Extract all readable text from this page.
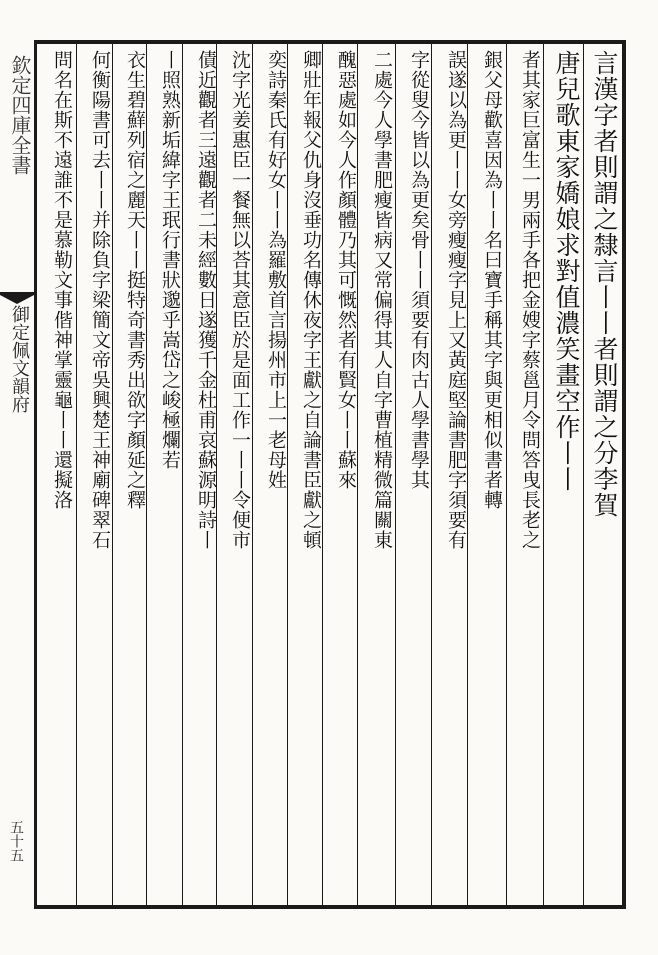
欽定四庫全書
御定佩文韻府
五十五
言漢字者則謂之隸言丨丨者則謂之分李賀
唐兒歌東家嬌娘求對值濃笑畫空作丨丨
者其家巨富生一男兩手各把金嫂字蔡邕月令問答曳長老之
銀父母歡喜因為丨丨名曰寶手稱其字與更相似書者轉
誤遂以為更丨丨女旁瘦瘦字見上又黃庭堅論書肥字須要有
字從叟今皆以為更矣骨丨丨須要有肉古人學書學其
二處今人學書肥瘦皆病又常偏得其人自字曹植精微篇關東
醜惡處如今人作顏體乃其可慨然者有賢女丨丨蘇來
卿壯年報父仇身沒垂功名傳休夜字王獻之自論書臣獻之頓
奕詩秦氏有好女丨丨為羅敷首言揚州市上一老母姓
沈字光姜惠臣一餐無以荅其意臣於是面工作一丨丨令便市
債近觀者三遠觀者二未經數日遂獲千金杜甫哀蘇源明詩丨
丨照熟新垢緯字王珉行書狀邈乎嵩岱之峻極爛若
衣生碧蘚列宿之麗天丨丨挺特奇書秀出欲字顏延之釋
何衡陽書可去丨丨并除負字梁簡文帝吳興楚王神廟碑翠石
問名在斯不遠誰不是慕勒文事偕神掌靈龜丨丨還擬洛
